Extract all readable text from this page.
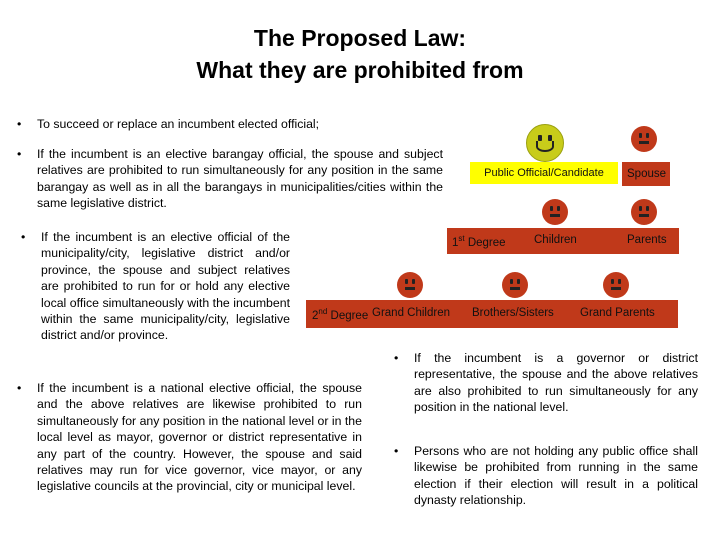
The Proposed Law:
What they are prohibited from
• To succeed or replace an incumbent elected official;
• If the incumbent is an elective barangay official, the spouse and subject relatives are prohibited to run simultaneously for any position in the same barangay as well as in all the barangays in municipalities/cities within the same legislative district.
• If the incumbent is an elective official of the municipality/city, legislative district and/or province, the spouse and subject relatives are prohibited to run for or hold any elective local office simultaneously with the incumbent within the same municipality/city, legislative district and/or province.
• If the incumbent is a national elective official, the spouse and the above relatives are likewise prohibited to run simultaneously for any position in the national level or in the local level as mayor, governor or district representative in any part of the country. However, the spouse and said relatives may run for vice governor, vice mayor, or any legislative councils at the provincial, city or municipal level.
• If the incumbent is a governor or district representative, the spouse and the above relatives are also prohibited to run simultaneously for any position in the national level.
• Persons who are not holding any public office shall likewise be prohibited from running in the same election if their election will result in a political dynasty relationship.
Public Official/Candidate	Spouse
1st Degree Children	Parents
2nd Degree Grand Children Brothers/Sisters Grand Parents
